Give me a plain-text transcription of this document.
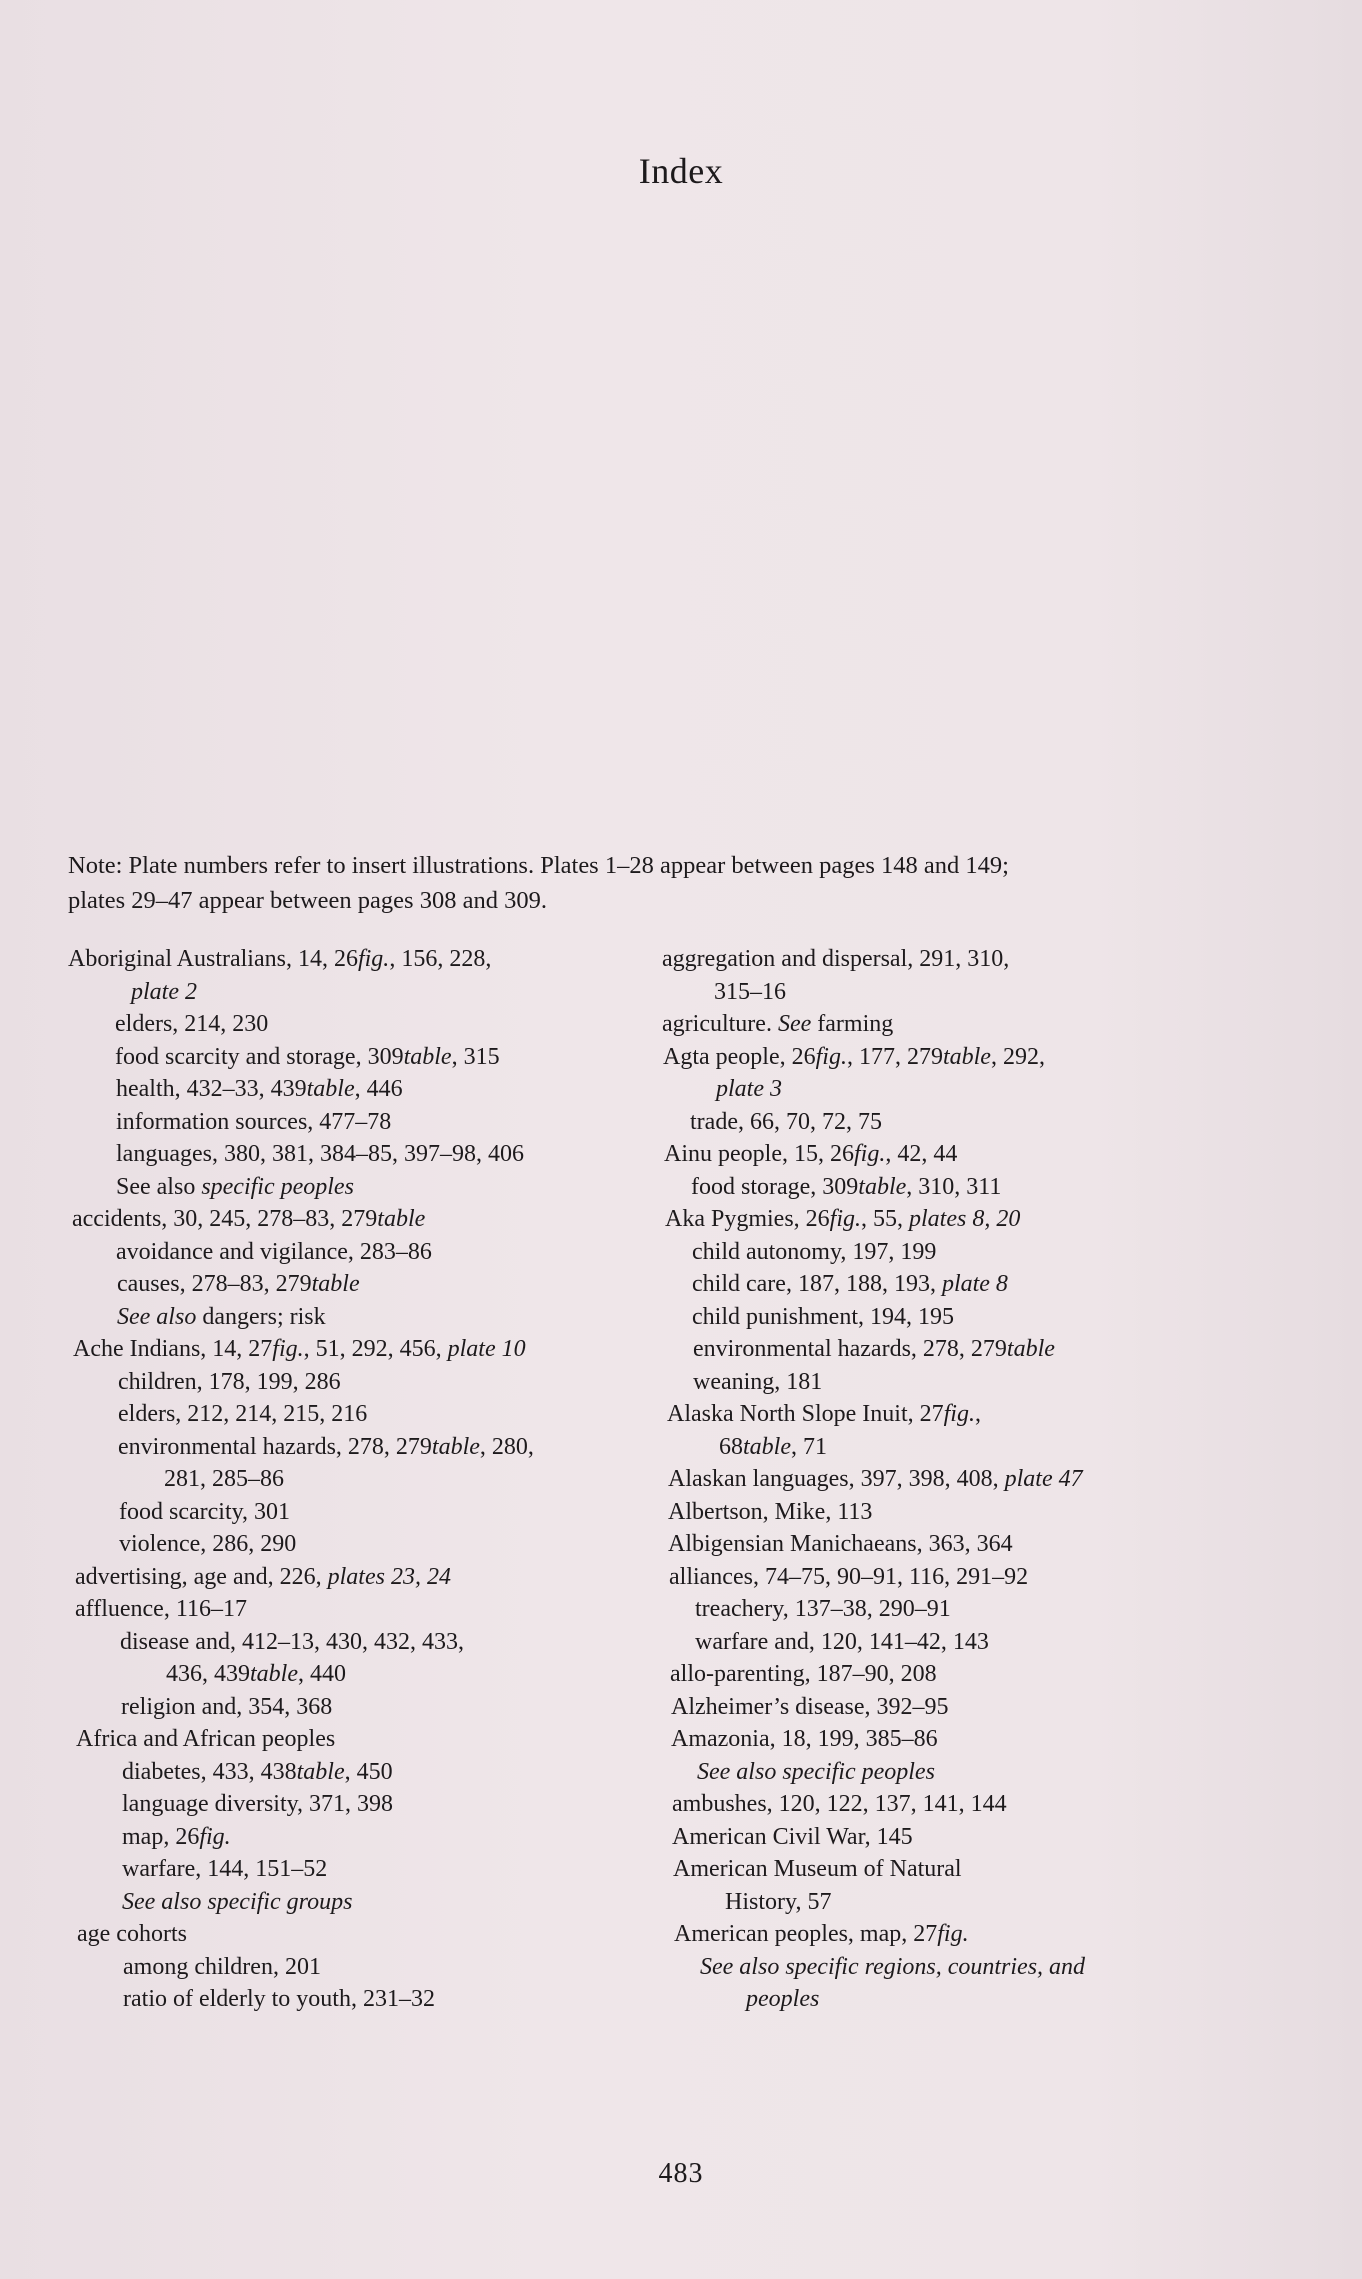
Index
Note: Plate numbers refer to insert illustrations. Plates 1–28 appear between pages 148 and 149;
plates 29–47 appear between pages 308 and 309.
Aboriginal Australians, 14, 26fig., 156, 228,
plate 2
elders, 214, 230
food scarcity and storage, 309table, 315
health, 432–33, 439table, 446
information sources, 477–78
languages, 380, 381, 384–85, 397–98, 406
See also specific peoples
accidents, 30, 245, 278–83, 279table
avoidance and vigilance, 283–86
causes, 278–83, 279table
See also dangers; risk
Ache Indians, 14, 27fig., 51, 292, 456, plate 10
children, 178, 199, 286
elders, 212, 214, 215, 216
environmental hazards, 278, 279table, 280,
281, 285–86
food scarcity, 301
violence, 286, 290
advertising, age and, 226, plates 23, 24
affluence, 116–17
disease and, 412–13, 430, 432, 433,
436, 439table, 440
religion and, 354, 368
Africa and African peoples
diabetes, 433, 438table, 450
language diversity, 371, 398
map, 26fig.
warfare, 144, 151–52
See also specific groups
age cohorts
among children, 201
ratio of elderly to youth, 231–32
aggregation and dispersal, 291, 310,
315–16
agriculture. See farming
Agta people, 26fig., 177, 279table, 292,
plate 3
trade, 66, 70, 72, 75
Ainu people, 15, 26fig., 42, 44
food storage, 309table, 310, 311
Aka Pygmies, 26fig., 55, plates 8, 20
child autonomy, 197, 199
child care, 187, 188, 193, plate 8
child punishment, 194, 195
environmental hazards, 278, 279table
weaning, 181
Alaska North Slope Inuit, 27fig.,
68table, 71
Alaskan languages, 397, 398, 408, plate 47
Albertson, Mike, 113
Albigensian Manichaeans, 363, 364
alliances, 74–75, 90–91, 116, 291–92
treachery, 137–38, 290–91
warfare and, 120, 141–42, 143
allo-parenting, 187–90, 208
Alzheimer’s disease, 392–95
Amazonia, 18, 199, 385–86
See also specific peoples
ambushes, 120, 122, 137, 141, 144
American Civil War, 145
American Museum of Natural
History, 57
American peoples, map, 27fig.
See also specific regions, countries, and
peoples
483
